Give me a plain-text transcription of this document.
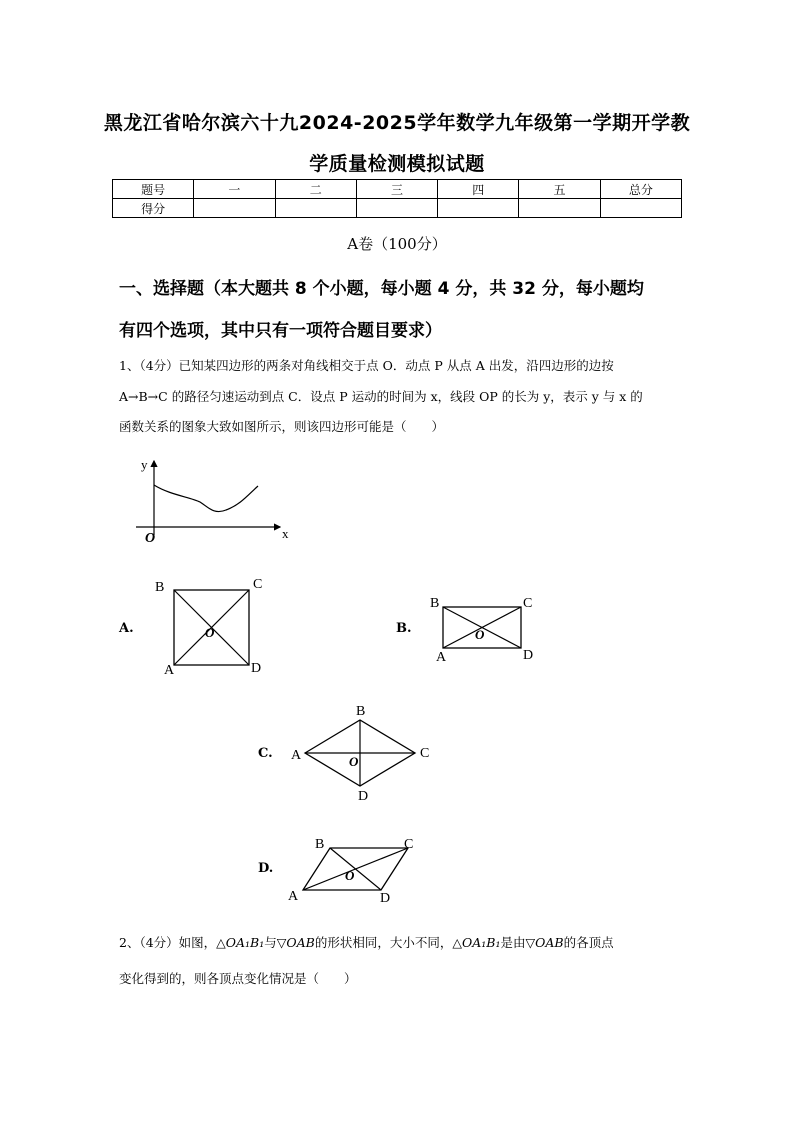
黑龙江省哈尔滨六十九2024-2025学年数学九年级第一学期开学教
学质量检测模拟试题
题号	一	二	三	四	五	总分
得分						
A卷（100分）
一、选择题（本大题共 8 个小题，每小题 4 分，共 32 分，每小题均
有四个选项，其中只有一项符合题目要求）
1、（4分）已知某四边形的两条对角线相交于点 O．动点 P 从点 A 出发，沿四边形的边按
A→B→C 的路径匀速运动到点 C．设点 P 运动的时间为 x，线段 OP 的长为 y，表示 y 与 x 的
函数关系的图象大致如图所示，则该四边形可能是（　　）
y
x
O
A.
B	C
A	D
O	B.
B	C
A	D
O
C.
B
C
A
D
O
D.
B	C
A	D
O
2、（4分）如图，△OA₁B₁与▽OAB的形状相同，大小不同，△OA₁B₁是由▽OAB的各顶点
变化得到的，则各顶点变化情况是（　　）
